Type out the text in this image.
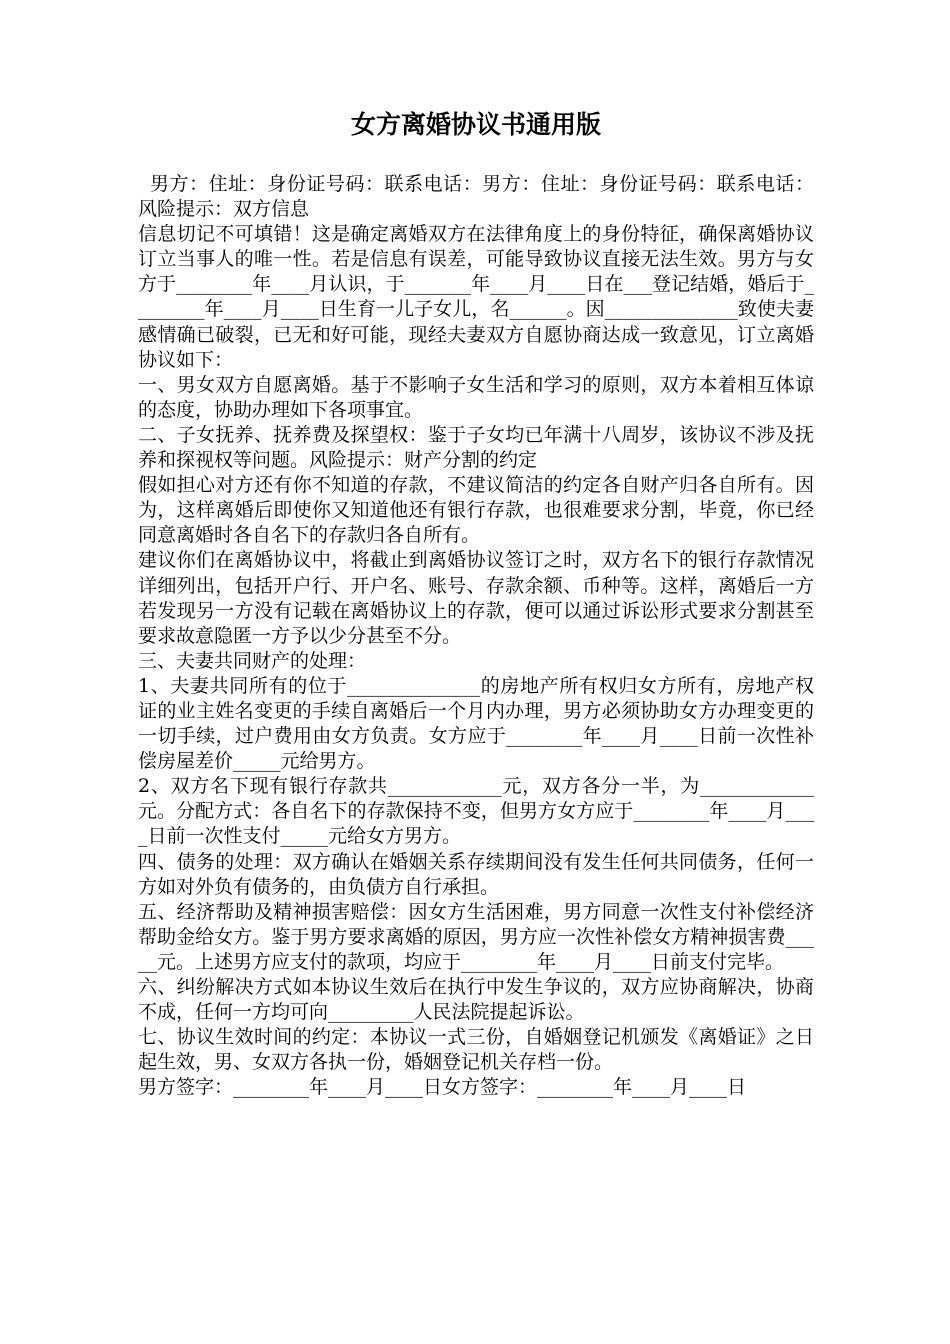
女方离婚协议书通用版

男方：住址：身份证号码：联系电话：男方：住址：身份证号码：联系电话：风险提示：双方信息

信息切记不可填错！这是确定离婚双方在法律角度上的身份特征，确保离婚协议订立当事人的唯一性。若是信息有误差，可能导致协议直接无法生效。男方与女方于________年____月认识，于_______年____月____日在___登记结婚，婚后于________年____月____日生育一儿子女儿，名______。因______________致使夫妻感情确已破裂，已无和好可能，现经夫妻双方自愿协商达成一致意见，订立离婚协议如下：

一、男女双方自愿离婚。基于不影响子女生活和学习的原则，双方本着相互体谅的态度，协助办理如下各项事宜。

二、子女抚养、抚养费及探望权：鉴于子女均已年满十八周岁，该协议不涉及抚养和探视权等问题。风险提示：财产分割的约定

假如担心对方还有你不知道的存款，不建议简洁的约定各自财产归各自所有。因为，这样离婚后即使你又知道他还有银行存款，也很难要求分割，毕竟，你已经同意离婚时各自名下的存款归各自所有。

建议你们在离婚协议中，将截止到离婚协议签订之时，双方名下的银行存款情况详细列出，包括开户行、开户名、账号、存款余额、币种等。这样，离婚后一方若发现另一方没有记载在离婚协议上的存款，便可以通过诉讼形式要求分割甚至要求故意隐匿一方予以少分甚至不分。

三、夫妻共同财产的处理：

1、夫妻共同所有的位于______________的房地产所有权归女方所有，房地产权证的业主姓名变更的手续自离婚后一个月内办理，男方必须协助女方办理变更的一切手续，过户费用由女方负责。女方应于________年____月____日前一次性补偿房屋差价_____元给男方。

2、双方名下现有银行存款共____________元，双方各分一半，为____________元。分配方式：各自名下的存款保持不变，但男方女方应于________年____月____日前一次性支付_____元给女方男方。

四、债务的处理：双方确认在婚姻关系存续期间没有发生任何共同债务，任何一方如对外负有债务的，由负债方自行承担。

五、经济帮助及精神损害赔偿：因女方生活困难，男方同意一次性支付补偿经济帮助金给女方。鉴于男方要求离婚的原因，男方应一次性补偿女方精神损害费_____元。上述男方应支付的款项，均应于________年____月____日前支付完毕。

六、纠纷解决方式如本协议生效后在执行中发生争议的，双方应协商解决，协商不成，任何一方均可向_________人民法院提起诉讼。

七、协议生效时间的约定：本协议一式三份，自婚姻登记机颁发《离婚证》之日起生效，男、女双方各执一份，婚姻登记机关存档一份。

男方签字：________年____月____日女方签字：________年____月____日
